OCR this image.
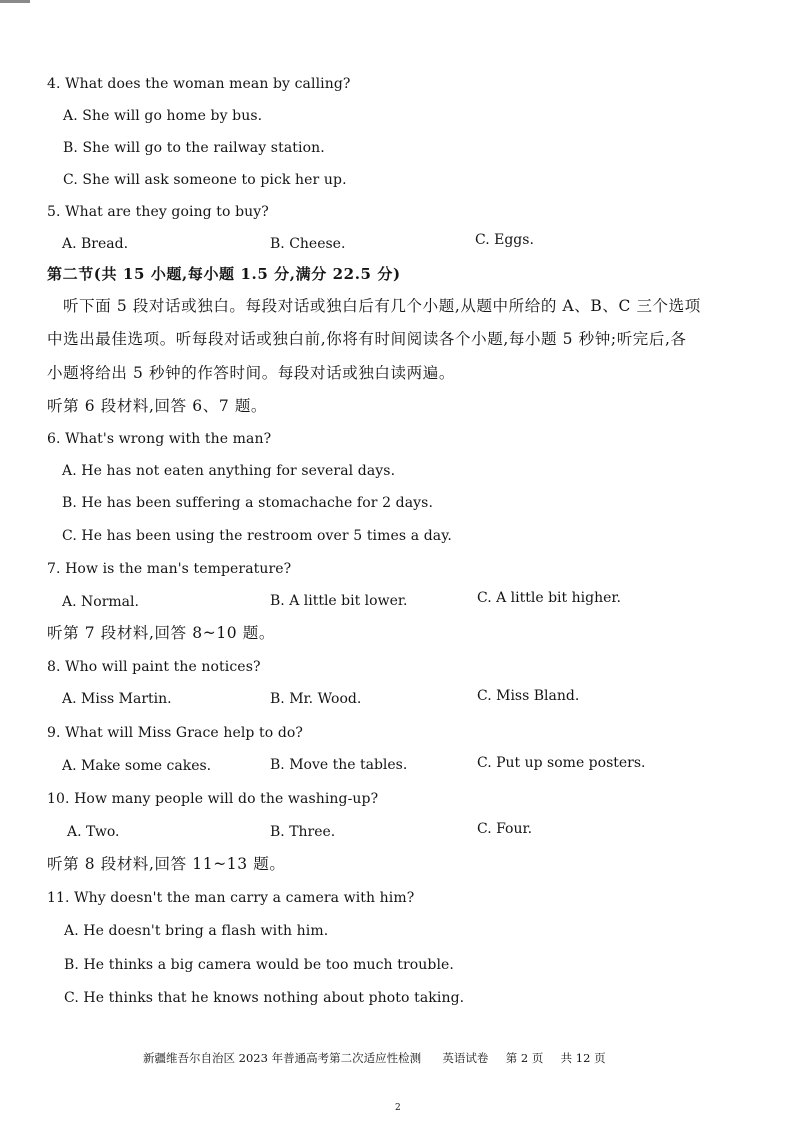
4. What does the woman mean by calling?
A. She will go home by bus.
B. She will go to the railway station.
C. She will ask someone to pick her up.
5. What are they going to buy?
A. Bread.	B. Cheese.	C. Eggs.
第二节(共 15 小题,每小题 1.5 分,满分 22.5 分)
听下面 5 段对话或独白。每段对话或独白后有几个小题,从题中所给的 A、B、C 三个选项
中选出最佳选项。听每段对话或独白前,你将有时间阅读各个小题,每小题 5 秒钟;听完后,各
小题将给出 5 秒钟的作答时间。每段对话或独白读两遍。
听第 6 段材料,回答 6、7 题。
6. What's wrong with the man?
A. He has not eaten anything for several days.
B. He has been suffering a stomachache for 2 days.
C. He has been using the restroom over 5 times a day.
7. How is the man's temperature?
A. Normal.	B. A little bit lower.	C. A little bit higher.
听第 7 段材料,回答 8~10 题。
8. Who will paint the notices?
A. Miss Martin.	B. Mr. Wood.	C. Miss Bland.
9. What will Miss Grace help to do?
A. Make some cakes.	B. Move the tables.	C. Put up some posters.
10. How many people will do the washing-up?
A. Two.	B. Three.	C. Four.
听第 8 段材料,回答 11~13 题。
11. Why doesn't the man carry a camera with him?
A. He doesn't bring a flash with him.
B. He thinks a big camera would be too much trouble.
C. He thinks that he knows nothing about photo taking.
新疆维吾尔自治区 2023 年普通高考第二次适应性检测 英语试卷 第 2 页 共 12 页
2
